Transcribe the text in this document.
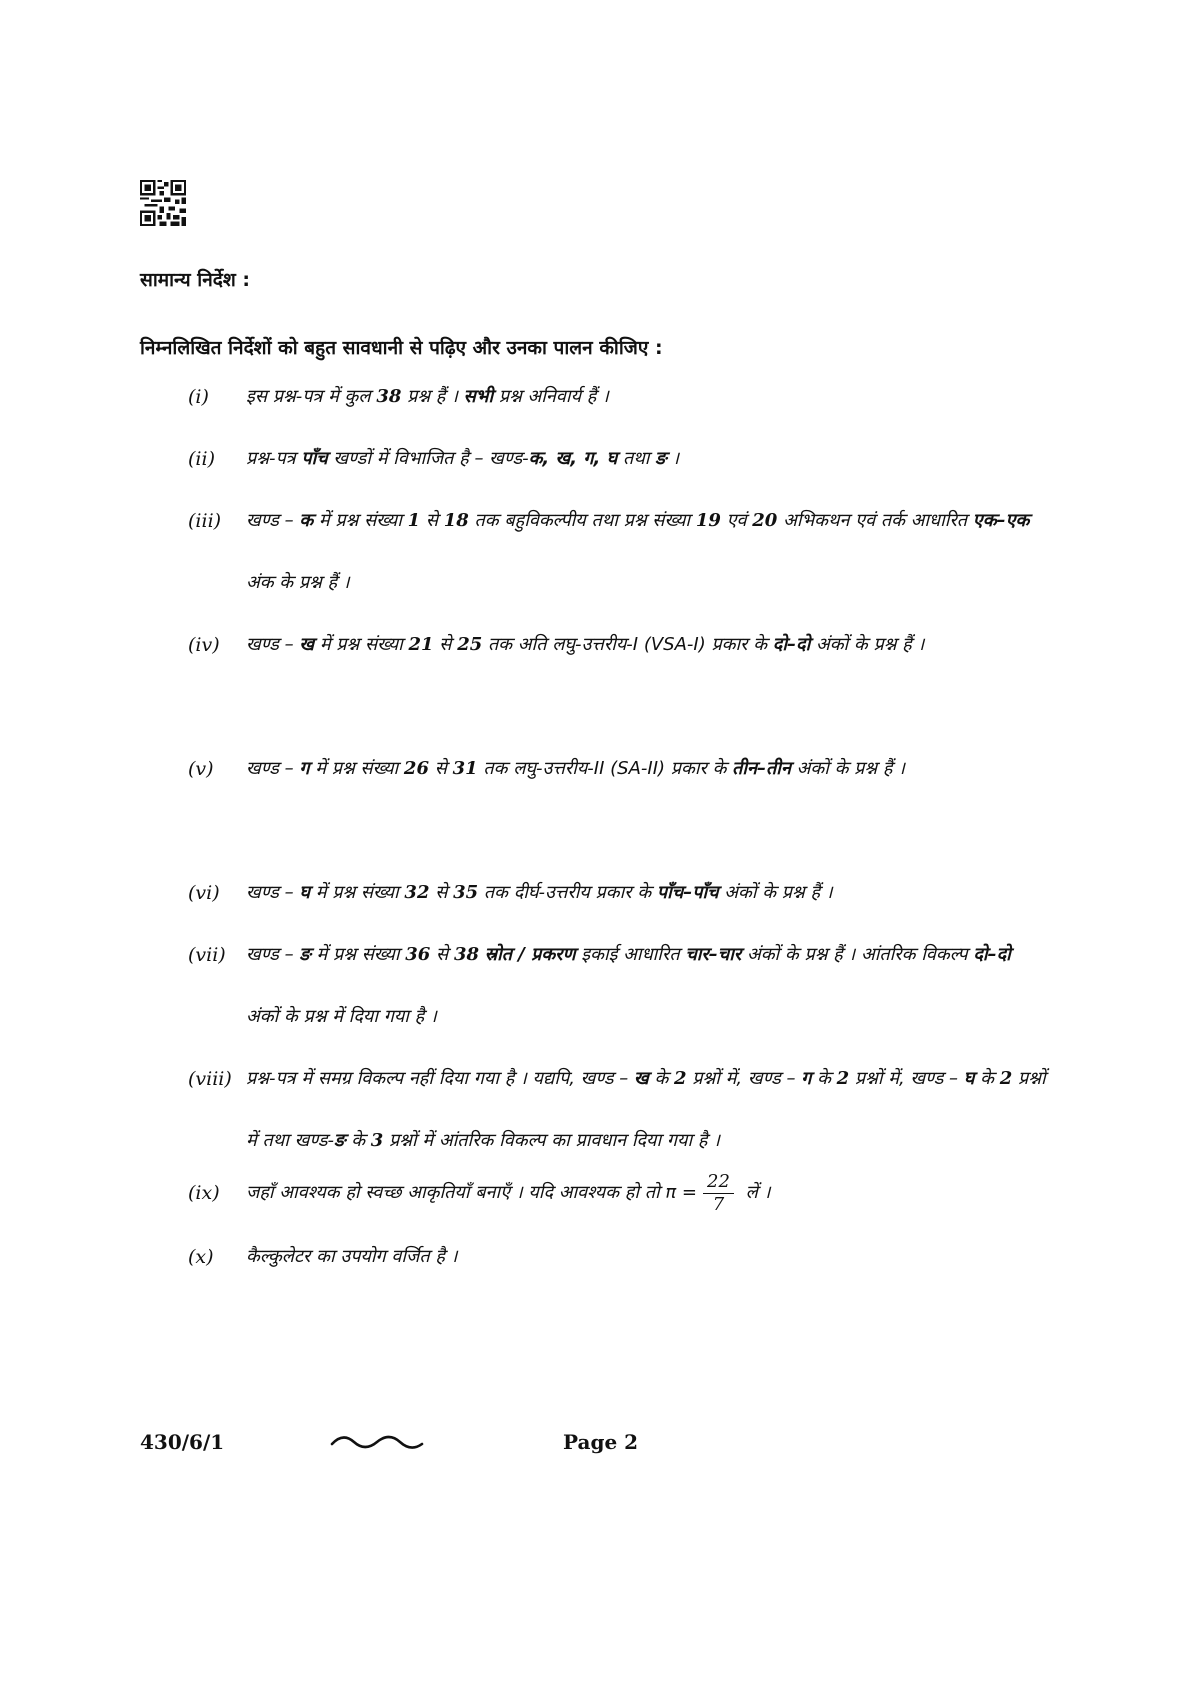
सामान्य निर्देश :
निम्नलिखित निर्देशों को बहुत सावधानी से पढ़िए और उनका पालन कीजिए :
(i) इस प्रश्न-पत्र में कुल 38 प्रश्न हैं । सभी प्रश्न अनिवार्य हैं ।
(ii) प्रश्न-पत्र पाँच खण्डों में विभाजित है – खण्ड-क, ख, ग, घ तथा ङ ।
(iii) खण्ड – क में प्रश्न संख्या 1 से 18 तक बहुविकल्पीय तथा प्रश्न संख्या 19 एवं 20 अभिकथन एवं तर्क आधारित एक–एक अंक के प्रश्न हैं ।
(iv) खण्ड – ख में प्रश्न संख्या 21 से 25 तक अति लघु-उत्तरीय-I (VSA-I) प्रकार के दो–दो अंकों के प्रश्न हैं ।
(v) खण्ड – ग में प्रश्न संख्या 26 से 31 तक लघु-उत्तरीय-II (SA-II) प्रकार के तीन–तीन अंकों के प्रश्न हैं ।
(vi) खण्ड – घ में प्रश्न संख्या 32 से 35 तक दीर्घ-उत्तरीय प्रकार के पाँच–पाँच अंकों के प्रश्न हैं ।
(vii) खण्ड – ङ में प्रश्न संख्या 36 से 38 स्रोत / प्रकरण इकाई आधारित चार–चार अंकों के प्रश्न हैं । आंतरिक विकल्प दो–दो अंकों के प्रश्न में दिया गया है ।
(viii) प्रश्न-पत्र में समग्र विकल्प नहीं दिया गया है । यद्यपि, खण्ड – ख के 2 प्रश्नों में, खण्ड – ग के 2 प्रश्नों में, खण्ड – घ के 2 प्रश्नों में तथा खण्ड-ङ के 3 प्रश्नों में आंतरिक विकल्प का प्रावधान दिया गया है ।
(ix) जहाँ आवश्यक हो स्वच्छ आकृतियाँ बनाएँ । यदि आवश्यक हो तो $\pi = \frac{22}{7}$ लें ।
(x) कैल्कुलेटर का उपयोग वर्जित है ।
430/6/1	Page 2
